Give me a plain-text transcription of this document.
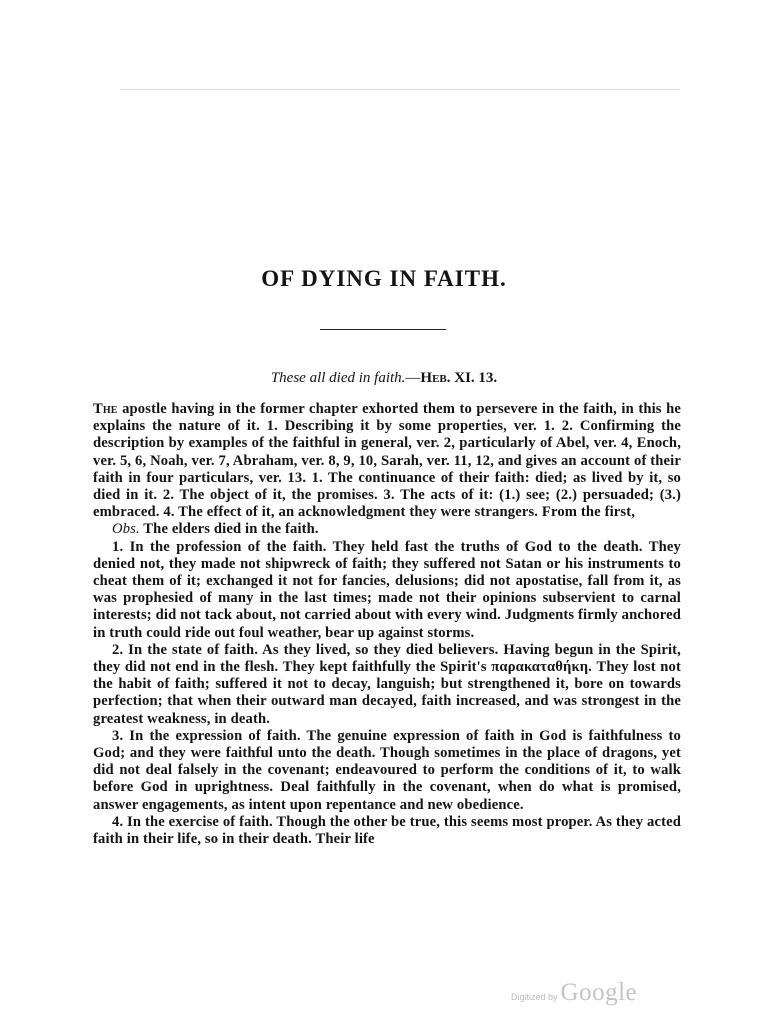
OF DYING IN FAITH.
These all died in faith.—Heb. XI. 13.

The apostle having in the former chapter exhorted them to persevere in the faith, in this he explains the nature of it. 1. Describing it by some properties, ver. 1. 2. Confirming the description by examples of the faithful in general, ver. 2, particularly of Abel, ver. 4, Enoch, ver. 5, 6, Noah, ver. 7, Abraham, ver. 8, 9, 10, Sarah, ver. 11, 12, and gives an account of their faith in four particulars, ver. 13. 1. The continuance of their faith: died; as lived by it, so died in it. 2. The object of it, the promises. 3. The acts of it: (1.) see; (2.) persuaded; (3.) embraced. 4. The effect of it, an acknowledgment they were strangers. From the first,

Obs. The elders died in the faith.

1. In the profession of the faith. They held fast the truths of God to the death. They denied not, they made not shipwreck of faith; they suffered not Satan or his instruments to cheat them of it; exchanged it not for fancies, delusions; did not apostatise, fall from it, as was prophesied of many in the last times; made not their opinions subservient to carnal interests; did not tack about, not carried about with every wind. Judgments firmly anchored in truth could ride out foul weather, bear up against storms.

2. In the state of faith. As they lived, so they died believers. Having begun in the Spirit, they did not end in the flesh. They kept faithfully the Spirit's παρακαταθήκη. They lost not the habit of faith; suffered it not to decay, languish; but strengthened it, bore on towards perfection; that when their outward man decayed, faith increased, and was strongest in the greatest weakness, in death.

3. In the expression of faith. The genuine expression of faith in God is faithfulness to God; and they were faithful unto the death. Though sometimes in the place of dragons, yet did not deal falsely in the covenant; endeavoured to perform the conditions of it, to walk before God in uprightness. Deal faithfully in the covenant, when do what is promised, answer engagements, as intent upon repentance and new obedience.

4. In the exercise of faith. Though the other be true, this seems most proper. As they acted faith in their life, so in their death. Their life

Digitized by Google
